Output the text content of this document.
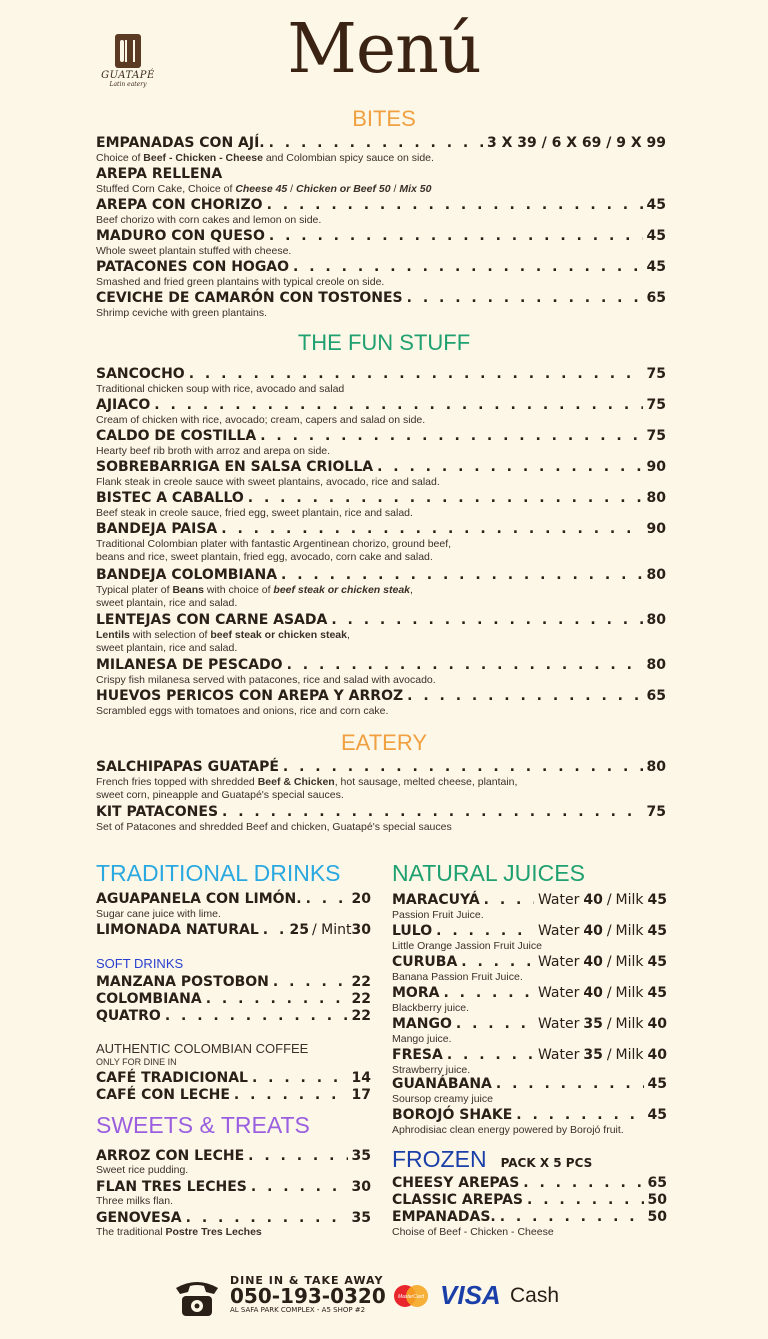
GUATAPÉ
Latin eatery	Menú
BITES
EMPANADAS CON AJÍ. . . .	3 X 39 / 6 X 69 / 9 X 99
Choice of Beef - Chicken - Cheese and Colombian spicy sauce on side.
AREPA RELLENA
Stuffed Corn Cake, Choice of Cheese 45 / Chicken or Beef 50 / Mix 50
AREPA CON CHORIZO . . .	45
Beef chorizo with corn cakes and lemon on side.
MADURO CON QUESO . . .	45
Whole sweet plantain stuffed with cheese.
PATACONES CON HOGAO . . .	45
Smashed and fried green plantains with typical creole on side.
CEVICHE DE CAMARÓN CON TOSTONES . . .	65
Shrimp ceviche with green plantains.
THE FUN STUFF
SANCOCHO . . .	75
Traditional chicken soup with rice, avocado and salad
AJIACO . . .	75
Cream of chicken with rice, avocado; cream, capers and salad on side.
CALDO DE COSTILLA . . .	75
Hearty beef rib broth with arroz and arepa on side.
SOBREBARRIGA EN SALSA CRIOLLA . . .	90
Flank steak in creole sauce with sweet plantains, avocado, rice and salad.
BISTEC A CABALLO . . .	80
Beef steak in creole sauce, fried egg, sweet plantain, rice and salad.
BANDEJA PAISA . . .	90
Traditional Colombian plater with fantastic Argentinean chorizo, ground beef,
beans and rice, sweet plantain, fried egg, avocado, corn cake and salad.
BANDEJA COLOMBIANA . . .	80
Typical plater of Beans with choice of beef steak or chicken steak,
sweet plantain, rice and salad.
LENTEJAS CON CARNE ASADA . . .	80
Lentils with selection of beef steak or chicken steak,
sweet plantain, rice and salad.
MILANESA DE PESCADO . . .	80
Crispy fish milanesa served with patacones, rice and salad with avocado.
HUEVOS PERICOS CON AREPA Y ARROZ . . .	65
Scrambled eggs with tomatoes and onions, rice and corn cake.
EATERY
SALCHIPAPAS GUATAPÉ . . .	80
French fries topped with shredded Beef & Chicken, hot sausage, melted cheese, plantain,
sweet corn, pineapple and Guatapé's special sauces.
KIT PATACONES . . .	75
Set of Patacones and shredded Beef and chicken, Guatapé's special sauces
TRADITIONAL DRINKS
AGUAPANELA CON LIMÓN. . . .	20
Sugar cane juice with lime.
LIMONADA NATURAL . . . 25 / Mint 30
SOFT DRINKS
MANZANA POSTOBON . . .	22
COLOMBIANA . . .	22
QUATRO . . .	22
AUTHENTIC COLOMBIAN COFFEE
ONLY FOR DINE IN
CAFÉ TRADICIONAL . . .	14
CAFÉ CON LECHE . . .	17
SWEETS & TREATS
ARROZ CON LECHE . . .	35
Sweet rice pudding.
FLAN TRES LECHES . . .	30
Three milks flan.
GENOVESA . . .	35
The traditional Postre Tres Leches
NATURAL JUICES
MARACUYÁ . . .	Water 40 / Milk 45
Passion Fruit Juice.
LULO . . .	Water 40 / Milk 45
Little Orange Jassion Fruit Juice
CURUBA . . .	Water 40 / Milk 45
Banana Passion Fruit Juice.
MORA . . .	Water 40 / Milk 45
Blackberry juice.
MANGO . . .	Water 35 / Milk 40
Mango juice.
FRESA . . .	Water 35 / Milk 40
Strawberry juice.
GUANÁBANA . . .	45
Soursop creamy juice
BOROJÓ SHAKE . . .	45
Aphrodisiac clean energy powered by Borojó fruit.
FROZEN PACK X 5 PCS
CHEESY AREPAS . . .	65
CLASSIC AREPAS . . .	50
EMPANADAS. . . .	50
Choise of Beef - Chicken - Cheese
DINE IN & TAKE AWAY
050-193-0320
AL SAFA PARK COMPLEX - A5 SHOP #2
MasterCard VISA Cash
